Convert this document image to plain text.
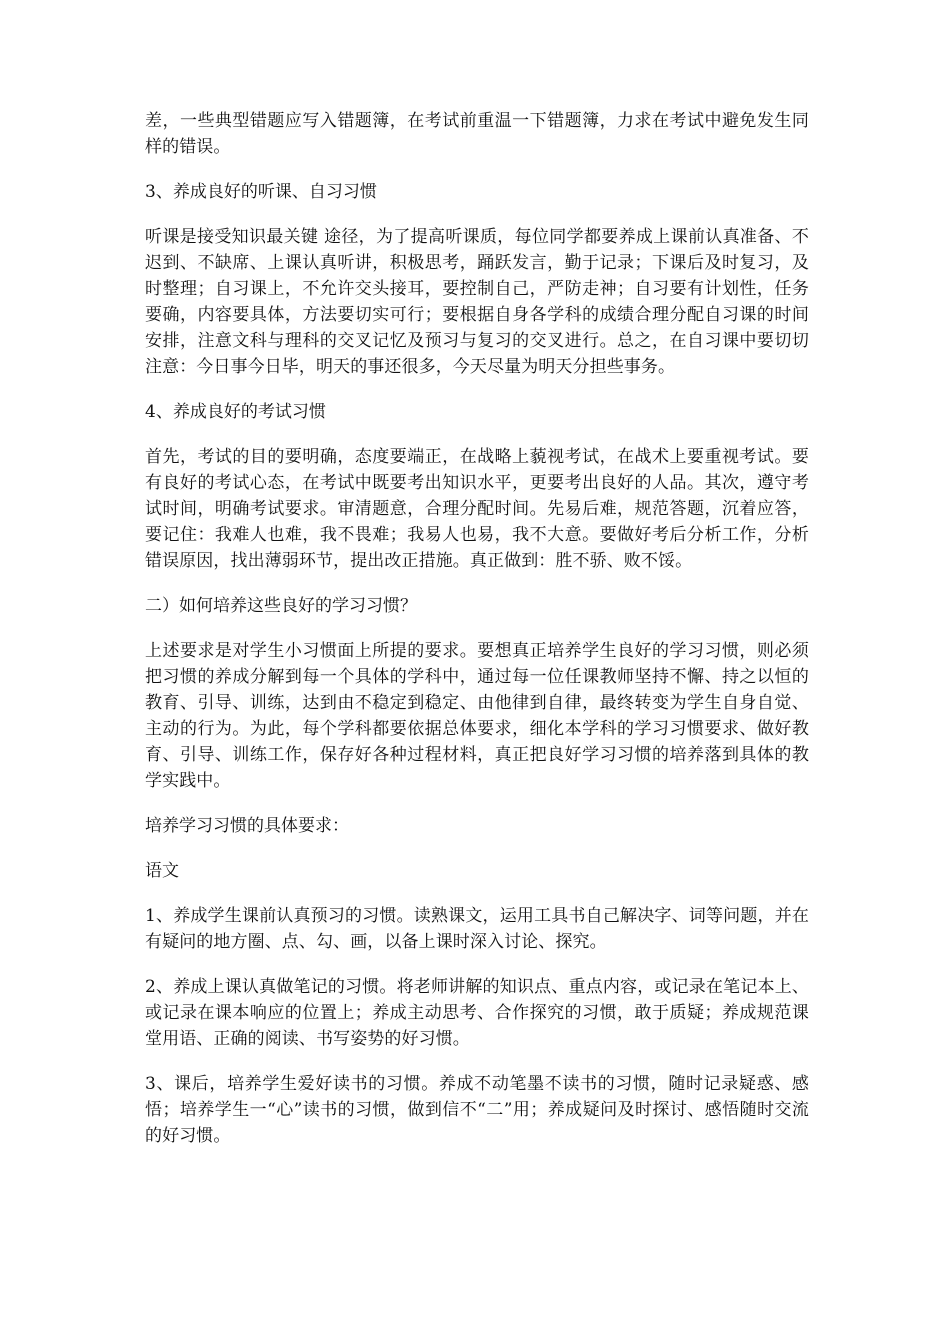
差，一些典型错题应写入错题簿，在考试前重温一下错题簿，力求在考试中避免发生同样的错误。

3、养成良好的听课、自习习惯

听课是接受知识最关键 途径，为了提高听课质，每位同学都要养成上课前认真准备、不迟到、不缺席、上课认真听讲，积极思考，踊跃发言，勤于记录；下课后及时复习，及时整理；自习课上，不允许交头接耳，要控制自己，严防走神；自习要有计划性，任务要确，内容要具体，方法要切实可行；要根据自身各学科的成绩合理分配自习课的时间安排，注意文科与理科的交叉记忆及预习与复习的交叉进行。总之，在自习课中要切切注意：今日事今日毕，明天的事还很多，今天尽量为明天分担些事务。

4、养成良好的考试习惯

首先，考试的目的要明确，态度要端正，在战略上藐视考试，在战术上要重视考试。要有良好的考试心态，在考试中既要考出知识水平，更要考出良好的人品。其次，遵守考试时间，明确考试要求。审清题意，合理分配时间。先易后难，规范答题，沉着应答，要记住：我难人也难，我不畏难；我易人也易，我不大意。要做好考后分析工作，分析错误原因，找出薄弱环节，提出改正措施。真正做到：胜不骄、败不馁。

二）如何培养这些良好的学习习惯？

上述要求是对学生小习惯面上所提的要求。要想真正培养学生良好的学习习惯，则必须把习惯的养成分解到每一个具体的学科中，通过每一位任课教师坚持不懈、持之以恒的教育、引导、训练，达到由不稳定到稳定、由他律到自律，最终转变为学生自身自觉、主动的行为。为此，每个学科都要依据总体要求，细化本学科的学习习惯要求、做好教育、引导、训练工作，保存好各种过程材料，真正把良好学习习惯的培养落到具体的教学实践中。

培养学习习惯的具体要求：

语文

1、养成学生课前认真预习的习惯。读熟课文，运用工具书自己解决字、词等问题，并在有疑问的地方圈、点、勾、画，以备上课时深入讨论、探究。

2、养成上课认真做笔记的习惯。将老师讲解的知识点、重点内容，或记录在笔记本上、或记录在课本响应的位置上；养成主动思考、合作探究的习惯，敢于质疑；养成规范课堂用语、正确的阅读、书写姿势的好习惯。

3、课后，培养学生爱好读书的习惯。养成不动笔墨不读书的习惯，随时记录疑惑、感悟；培养学生一“心”读书的习惯，做到信不“二”用；养成疑问及时探讨、感悟随时交流的好习惯。
